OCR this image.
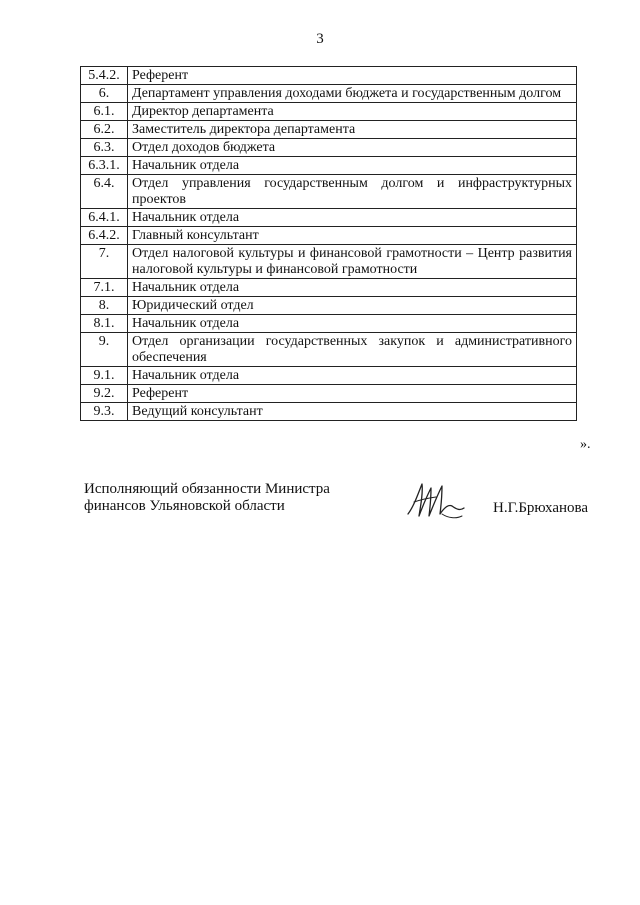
3
5.4.2.	Референт
6.	Департамент управления доходами бюджета и государственным долгом
6.1.	Директор департамента
6.2.	Заместитель директора департамента
6.3.	Отдел доходов бюджета
6.3.1.	Начальник отдела
6.4.	Отдел управления государственным долгом и инфраструктурных проектов
6.4.1.	Начальник отдела
6.4.2.	Главный консультант
7.	Отдел налоговой культуры и финансовой грамотности – Центр развития налоговой культуры и финансовой грамотности
7.1.	Начальник отдела
8.	Юридический отдел
8.1.	Начальник отдела
9.	Отдел организации государственных закупок и административного обеспечения
9.1.	Начальник отдела
9.2.	Референт
9.3.	Ведущий консультант
».
Исполняющий обязанности Министра
финансов Ульяновской области	Н.Г.Брюханова
